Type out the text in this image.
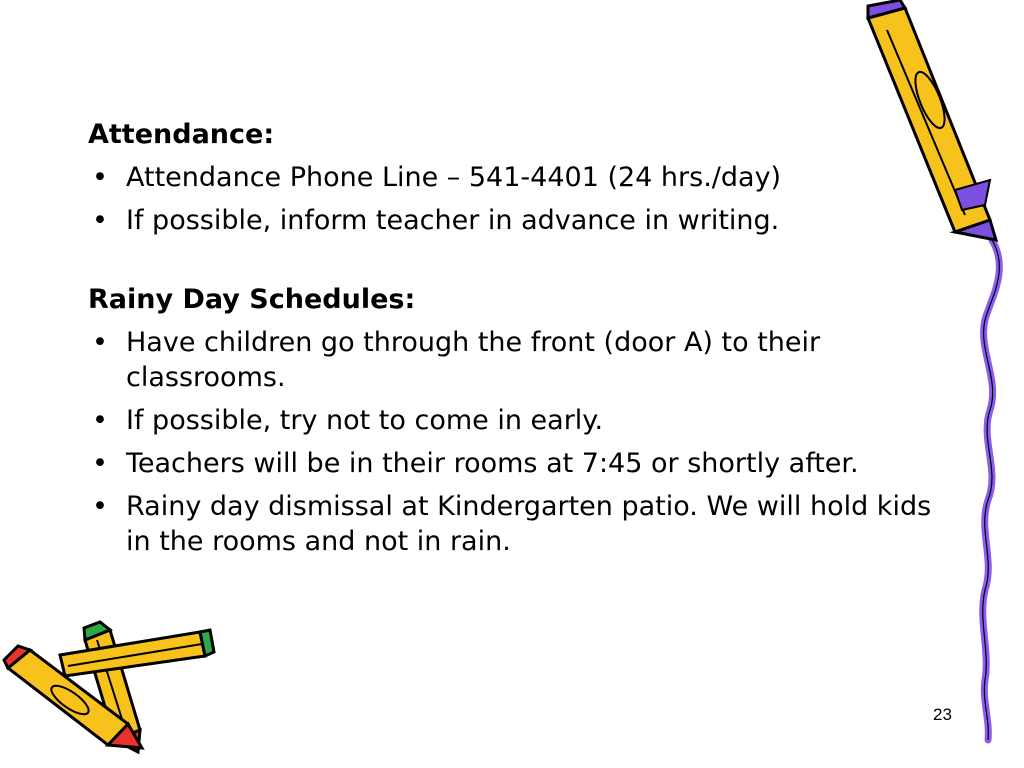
Attendance:

• Attendance Phone Line – 541-4401 (24 hrs./day)
• If possible, inform teacher in advance in writing.

Rainy Day Schedules:

• Have children go through the front (door A) to their classrooms.
• If possible, try not to come in early.
• Teachers will be in their rooms at 7:45 or shortly after.
• Rainy day dismissal at Kindergarten patio. We will hold kids in the rooms and not in rain.
23
